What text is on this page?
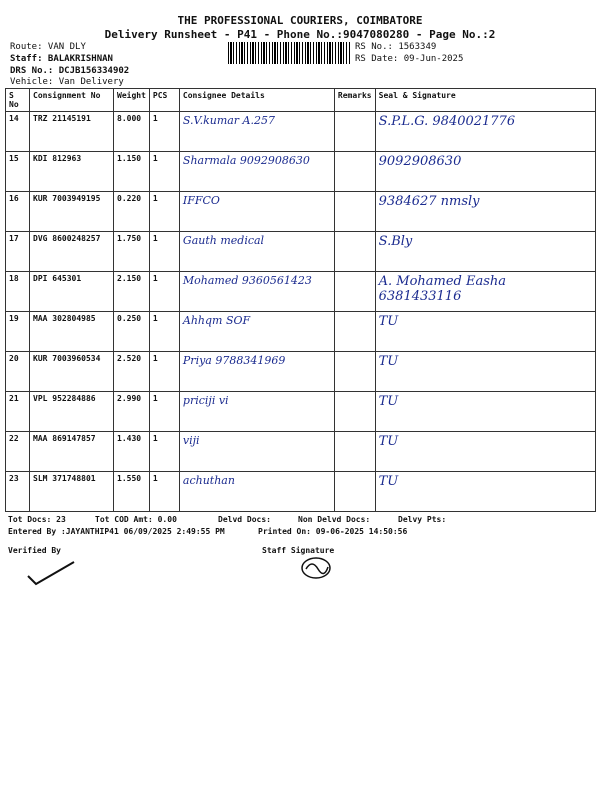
THE PROFESSIONAL COURIERS, COIMBATORE
Delivery Runsheet - P41 - Phone No.:9047080280 - Page No.:2
Route: VAN DLY
Staff: BALAKRISHNAN
DRS No.: DCJB156334902
Vehicle: Van Delivery
RS No.: 1563349
RS Date: 09-Jun-2025
S No	Consignment No	Weight	PCS	Consignee Details	Remarks	Seal & Signature
14	TRZ 21145191	8.000	1	S.V.kumar A.257		S.P.L.G. 9840021776
15	KDI 812963	1.150	1	Sharmala 9092908630		9092908630
16	KUR 7003949195	0.220	1	IFFCO		9384627 nmsly
17	DVG 8600248257	1.750	1	Gauth medical		S.Bly
18	DPI 645301	2.150	1	Mohamed 9360561423		A. Mohamed Easha 6381433116
19	MAA 302804985	0.250	1	Ahhqm SOF		TU
20	KUR 7003960534	2.520	1	Priya 9788341969		TU
21	VPL 952284886	2.990	1	priciji vi		TU
22	MAA 869147857	1.430	1	viji		TU
23	SLM 371748801	1.550	1	achuthan		TU
Tot Docs: 23	Tot COD Amt: 0.00	Delvd Docs:	Non Delvd Docs:	Delvy Pts:
Entered By :JAYANTHIP41 06/09/2025 2:49:55 PM	Printed On: 09-06-2025 14:50:56
Verified By	Staff Signature
